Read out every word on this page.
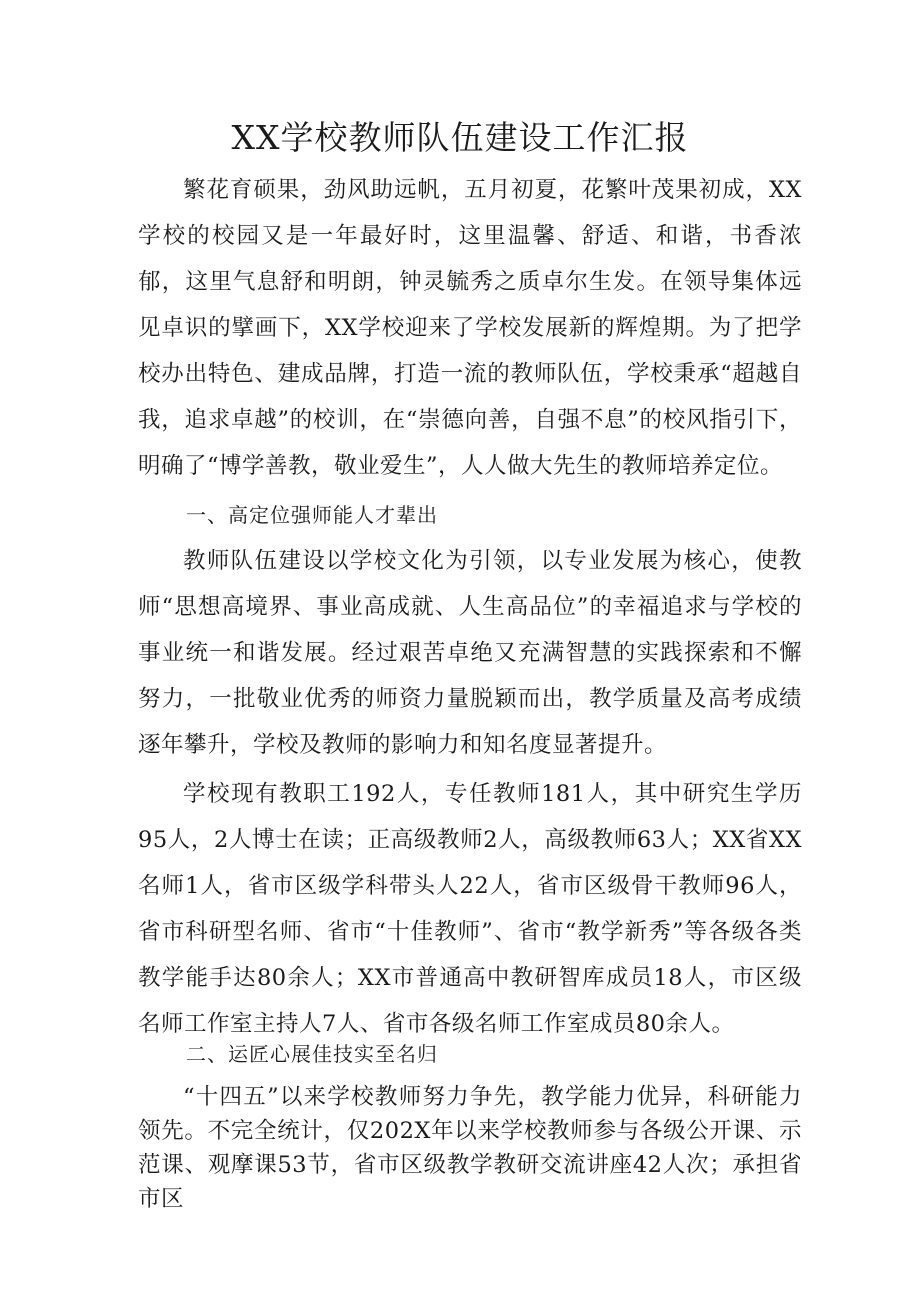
XX学校教师队伍建设工作汇报

繁花育硕果，劲风助远帆，五月初夏，花繁叶茂果初成，XX学校的校园又是一年最好时，这里温馨、舒适、和谐，书香浓郁，这里气息舒和明朗，钟灵毓秀之质卓尔生发。在领导集体远见卓识的擘画下，XX学校迎来了学校发展新的辉煌期。为了把学校办出特色、建成品牌，打造一流的教师队伍，学校秉承“超越自我，追求卓越”的校训，在“崇德向善，自强不息”的校风指引下，明确了“博学善教，敬业爱生”，人人做大先生的教师培养定位。

一、高定位强师能人才辈出

教师队伍建设以学校文化为引领，以专业发展为核心，使教师“思想高境界、事业高成就、人生高品位”的幸福追求与学校的事业统一和谐发展。经过艰苦卓绝又充满智慧的实践探索和不懈努力，一批敬业优秀的师资力量脱颖而出，教学质量及高考成绩逐年攀升，学校及教师的影响力和知名度显著提升。

学校现有教职工192人，专任教师181人，其中研究生学历95人，2人博士在读；正高级教师2人，高级教师63人；XX省XX名师1人，省市区级学科带头人22人，省市区级骨干教师96人，省市科研型名师、省市“十佳教师”、省市“教学新秀”等各级各类教学能手达80余人；XX市普通高中教研智库成员18人，市区级名师工作室主持人7人、省市各级名师工作室成员80余人。

二、运匠心展佳技实至名归

“十四五”以来学校教师努力争先，教学能力优异，科研能力领先。不完全统计，仅202X年以来学校教师参与各级公开课、示范课、观摩课53节，省市区级教学教研交流讲座42人次；承担省市区
